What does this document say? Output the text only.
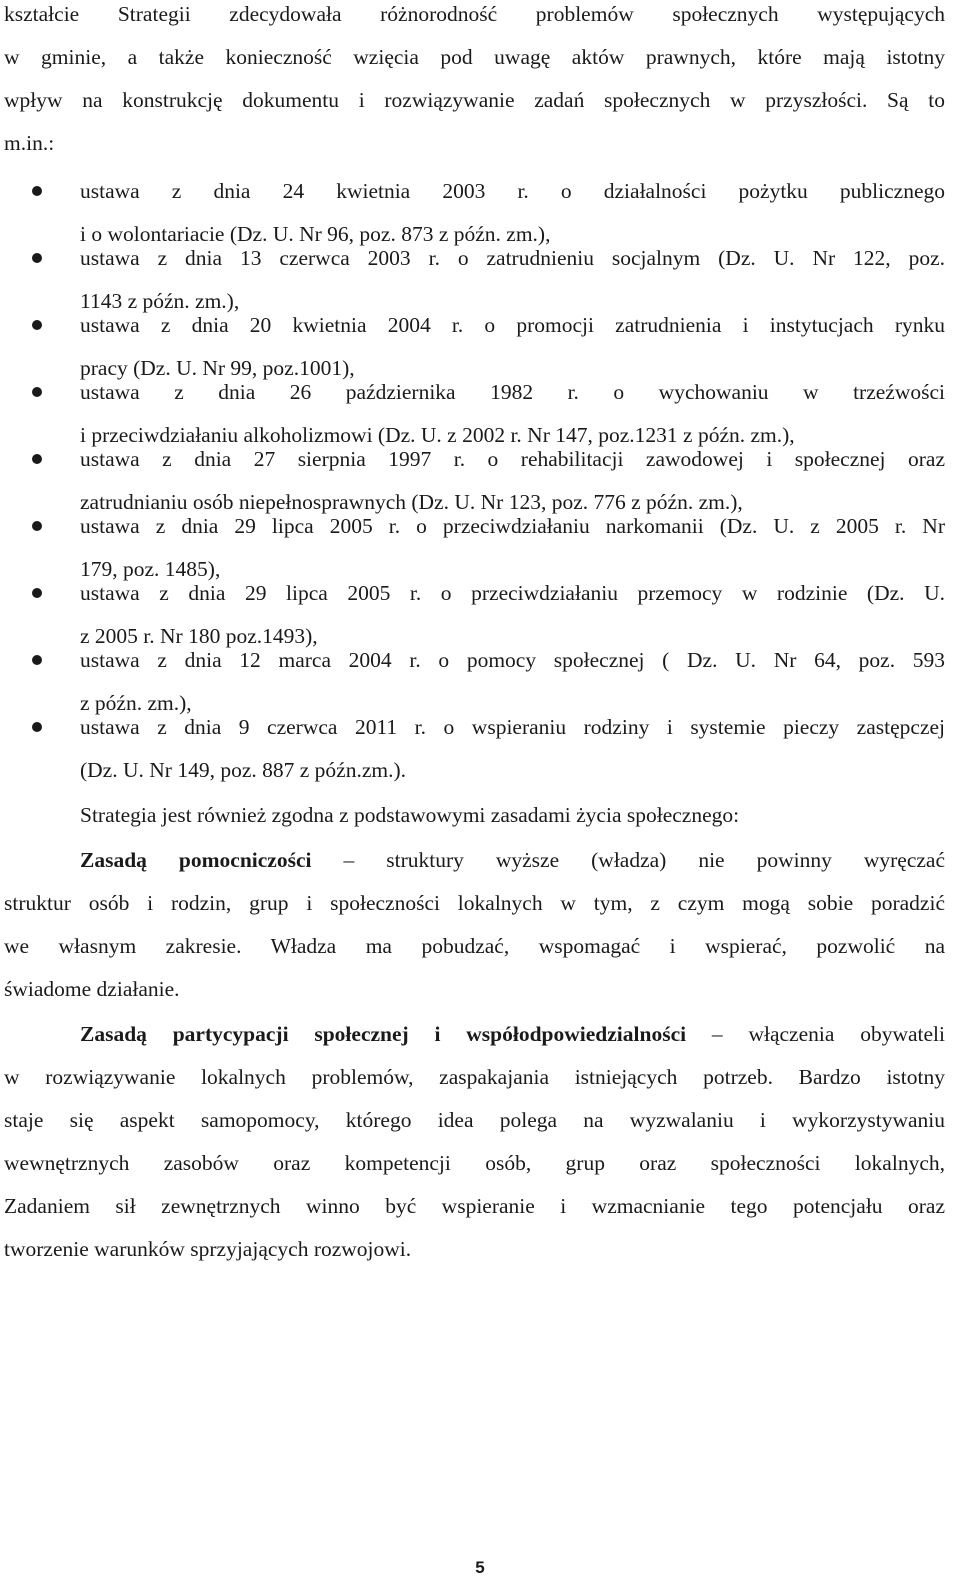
kształcie Strategii zdecydowała różnorodność problemów społecznych występujących
w gminie, a także konieczność wzięcia pod uwagę aktów prawnych, które mają istotny
wpływ na konstrukcję dokumentu i rozwiązywanie zadań społecznych w przyszłości. Są to
m.in.:
ustawa z dnia 24 kwietnia 2003 r. o działalności pożytku publicznego
i o wolontariacie (Dz. U. Nr 96, poz. 873 z późn. zm.),
ustawa z dnia 13 czerwca 2003 r. o zatrudnieniu socjalnym (Dz. U. Nr 122, poz.
1143 z późn. zm.),
ustawa z dnia 20 kwietnia 2004 r. o promocji zatrudnienia i instytucjach rynku
pracy (Dz. U. Nr 99, poz.1001),
ustawa z dnia 26 października 1982 r. o wychowaniu w trzeźwości
i przeciwdziałaniu alkoholizmowi (Dz. U. z 2002 r. Nr 147, poz.1231 z późn. zm.),
ustawa z dnia 27 sierpnia 1997 r. o rehabilitacji zawodowej i społecznej oraz
zatrudnianiu osób niepełnosprawnych (Dz. U. Nr 123, poz. 776 z późn. zm.),
ustawa z dnia 29 lipca 2005 r. o przeciwdziałaniu narkomanii (Dz. U. z 2005 r. Nr
179, poz. 1485),
ustawa z dnia 29 lipca 2005 r. o przeciwdziałaniu przemocy w rodzinie (Dz. U.
z 2005 r. Nr 180 poz.1493),
ustawa z dnia 12 marca 2004 r. o pomocy społecznej ( Dz. U. Nr 64, poz. 593
z późn. zm.),
ustawa z dnia 9 czerwca 2011 r. o wspieraniu rodziny i systemie pieczy zastępczej
(Dz. U. Nr 149, poz. 887 z późn.zm.).
Strategia jest również zgodna z podstawowymi zasadami życia społecznego:
Zasadą pomocniczości – struktury wyższe (władza) nie powinny wyręczać
struktur osób i rodzin, grup i społeczności lokalnych w tym, z czym mogą sobie poradzić
we własnym zakresie. Władza ma pobudzać, wspomagać i wspierać, pozwolić na
świadome działanie.
Zasadą partycypacji społecznej i współodpowiedzialności – włączenia obywateli
w rozwiązywanie lokalnych problemów, zaspakajania istniejących potrzeb. Bardzo istotny
staje się aspekt samopomocy, którego idea polega na wyzwalaniu i wykorzystywaniu
wewnętrznych zasobów oraz kompetencji osób, grup oraz społeczności lokalnych,
Zadaniem sił zewnętrznych winno być wspieranie i wzmacnianie tego potencjału oraz
tworzenie warunków sprzyjających rozwojowi.
5
